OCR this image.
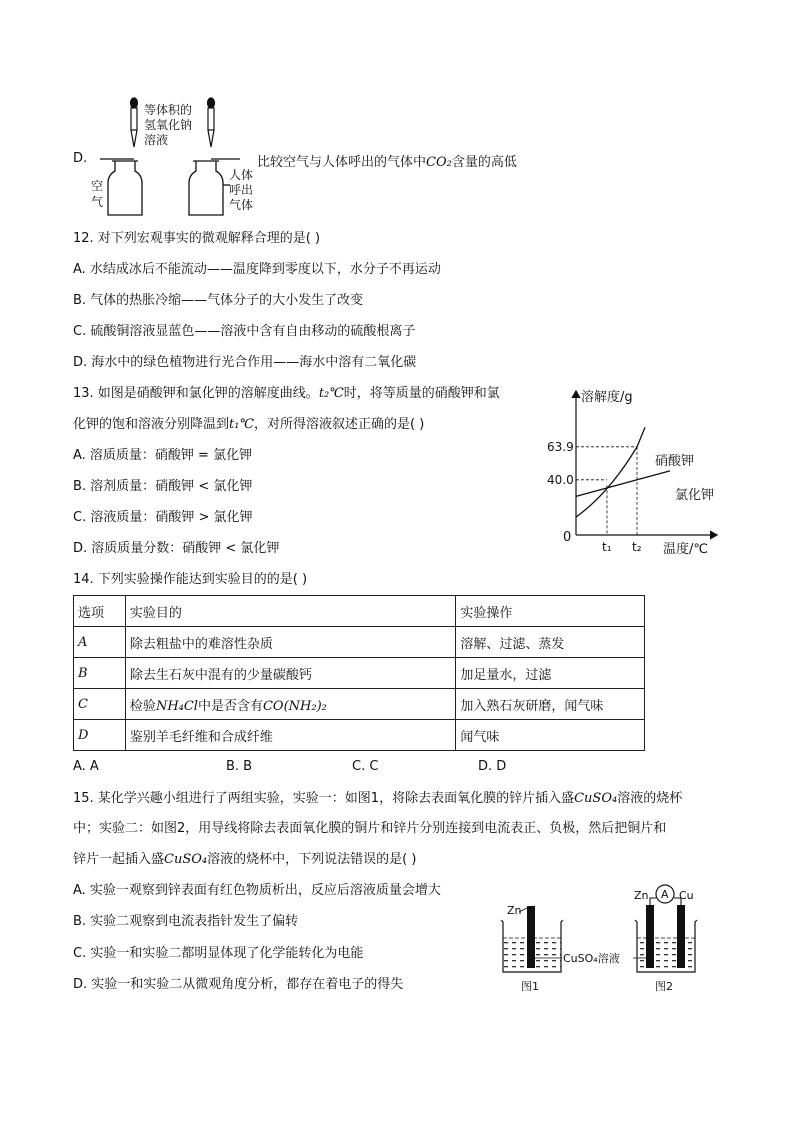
D.
等体积的
氢氧化钠
溶液
空
气
人体
呼出
气体
比较空气与人体呼出的气体中CO₂含量的高低
12. 对下列宏观事实的微观解释合理的是( )
A. 水结成冰后不能流动——温度降到零度以下，水分子不再运动
B. 气体的热胀冷缩——气体分子的大小发生了改变
C. 硫酸铜溶液显蓝色——溶液中含有自由移动的硫酸根离子
D. 海水中的绿色植物进行光合作用——海水中溶有二氧化碳
13. 如图是硝酸钾和氯化钾的溶解度曲线。t₂℃时，将等质量的硝酸钾和氯
化钾的饱和溶液分别降温到t₁℃，对所得溶液叙述正确的是( )
A. 溶质质量：硝酸钾 = 氯化钾
B. 溶剂质量：硝酸钾 < 氯化钾
C. 溶液质量：硝酸钾 > 氯化钾
D. 溶质质量分数：硝酸钾 < 氯化钾
溶解度/g
温度/℃
0
40.0
63.9
t₁ t₂
硝酸钾
氯化钾
14. 下列实验操作能达到实验目的的是( )
选项	实验目的	实验操作
A	除去粗盐中的难溶性杂质	溶解、过滤、蒸发
B	除去生石灰中混有的少量碳酸钙	加足量水，过滤
C	检验NH₄Cl中是否含有CO(NH₂)₂	加入熟石灰研磨，闻气味
D	鉴别羊毛纤维和合成纤维	闻气味
A. A	B. B	C. C	D. D
15. 某化学兴趣小组进行了两组实验，实验一：如图1，将除去表面氧化膜的锌片插入盛CuSO₄溶液的烧杯
中；实验二：如图2，用导线将除去表面氧化膜的铜片和锌片分别连接到电流表正、负极，然后把铜片和
锌片一起插入盛CuSO₄溶液的烧杯中，下列说法错误的是( )
A. 实验一观察到锌表面有红色物质析出，反应后溶液质量会增大
B. 实验二观察到电流表指针发生了偏转
C. 实验一和实验二都明显体现了化学能转化为电能
D. 实验一和实验二从微观角度分析，都存在着电子的得失
Zn
Zn	Cu
A
CuSO₄溶液
图1	图2
